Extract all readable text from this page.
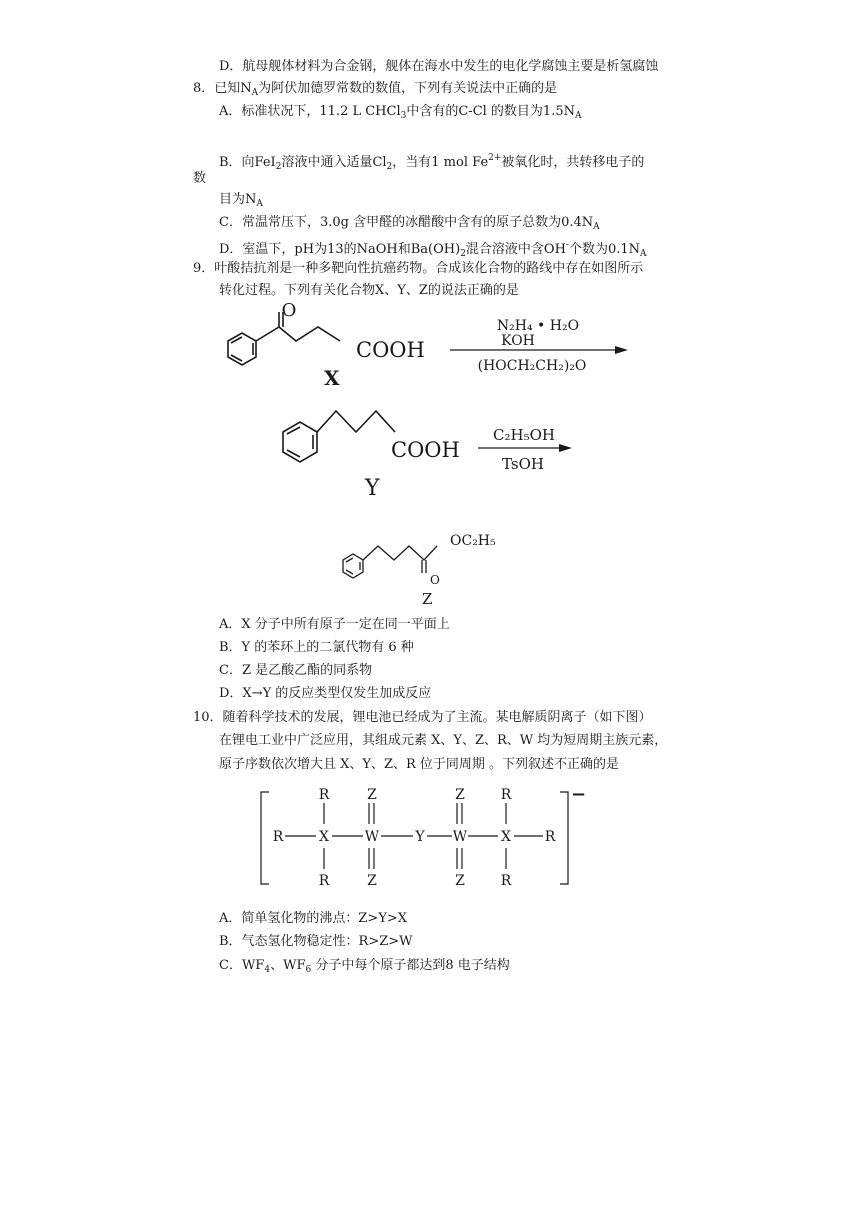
D．航母舰体材料为合金钢，舰体在海水中发生的电化学腐蚀主要是析氢腐蚀
8．已知$N_A$为阿伏加德罗常数的数值，下列有关说法中正确的是
A．标准状况下，11.2 L CHCl$_3$中含有的C-Cl 的数目为$1.5N_A$
B．向FeI$_2$溶液中通入适量$Cl_2$，当有1 mol $Fe^{2+}$被氧化时，共转移电子的
数
目为$N_A$
C．常温常压下，3.0g 含甲醛的冰醋酸中含有的原子总数为$0.4N_A$
D．室温下，pH为13的NaOH和$Ba(OH)_2$混合溶液中含OH-个数为$0.1N_A$
9．叶酸拮抗剂是一种多靶向性抗癌药物。合成该化合物的路线中存在如图所示
转化过程。下列有关化合物X、Y、Z的说法正确的是
O
COOH
X
N₂H₄ • H₂O
KOH
(HOCH₂CH₂)₂O
COOH
Y
C₂H₅OH
TsOH
OC₂H₅
O
Z
A．X 分子中所有原子一定在同一平面上
B．Y 的苯环上的二氯代物有 6 种
C．Z 是乙酸乙酯的同系物
D．X→Y 的反应类型仅发生加成反应
10．随着科学技术的发展，锂电池已经成为了主流。某电解质阴离子（如下图）
在锂电工业中广泛应用，其组成元素 X、Y、Z、R、W 均为短周期主族元素，
原子序数依次增大且 X、Y、Z、R 位于同周期 。下列叙述不正确的是
R	X	W	Y W X R
R
R
R
R
Z
Z
Z
Z
−
A．简单氢化物的沸点：Z>Y>X
B．气态氢化物稳定性：R>Z>W
C．$WF_4$、$WF_6$ 分子中每个原子都达到8 电子结构
